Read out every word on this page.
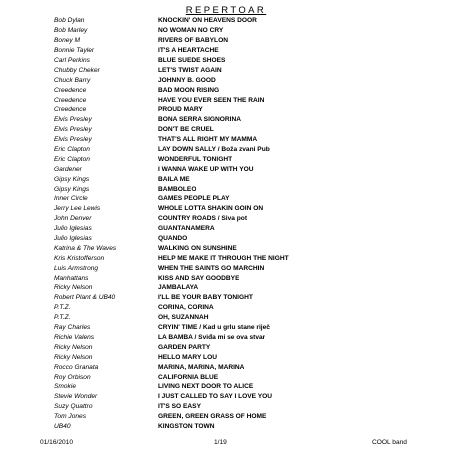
REPERTOAR
Bob Dylan	KNOCKIN' ON HEAVENS DOOR
Bob Marley	NO WOMAN NO CRY
Boney M	RIVERS OF BABYLON
Bonnie Tayler	IT'S A HEARTACHE
Carl Perkins	BLUE SUEDE SHOES
Chubby Cheker	LET'S TWIST AGAIN
Chuck Barry	JOHNNY B. GOOD
Creedence	BAD MOON RISING
Creedence	HAVE YOU EVER SEEN THE RAIN
Creedence	PROUD MARY
Elvis Presley	BONA SERRA SIGNORINA
Elvis Presley	DON'T BE CRUEL
Elvis Presley	THAT'S ALL RIGHT MY MAMMA
Eric Clapton	LAY DOWN SALLY / Boža zvani Pub
Eric Clapton	WONDERFUL TONIGHT
Gardener	I WANNA WAKE UP WITH YOU
Gipsy Kings	BAILA ME
Gipsy Kings	BAMBOLEO
Inner Circle	GAMES PEOPLE PLAY
Jerry Lee Lewis	WHOLE LOTTA SHAKIN GOIN ON
John Denver	COUNTRY ROADS / Siva pot
Julio Iglesias	GUANTANAMERA
Julio Iglesias	QUANDO
Katrina & The Waves	WALKING ON SUNSHINE
Kris Kristofferson	HELP ME MAKE IT THROUGH THE NIGHT
Luis Armstrong	WHEN THE SAINTS GO MARCHIN
Manhattans	KISS AND SAY GOODBYE
Ricky Nelson	JAMBALAYA
Robert Plant & UB40	I'LL BE YOUR BABY TONIGHT
P.T.Z.	CORINA, CORINA
P.T.Z.	OH, SUZANNAH
Ray Charles	CRYIN' TIME / Kad u grlu stane riječ
Richie Valens	LA BAMBA / Sviđa mi se ova stvar
Ricky Nelson	GARDEN PARTY
Ricky Nelson	HELLO MARY LOU
Rocco Granata	MARINA, MARINA, MARINA
Roy Orbison	CALIFORNIA BLUE
Smokie	LIVING NEXT DOOR TO ALICE
Stevie Wonder	I JUST CALLED TO SAY I LOVE YOU
Suzy Quattro	IT'S SO EASY
Tom Jones	GREEN, GREEN GRASS OF HOME
UB40	KINGSTON TOWN
01/16/2010	1/19	COOL band
